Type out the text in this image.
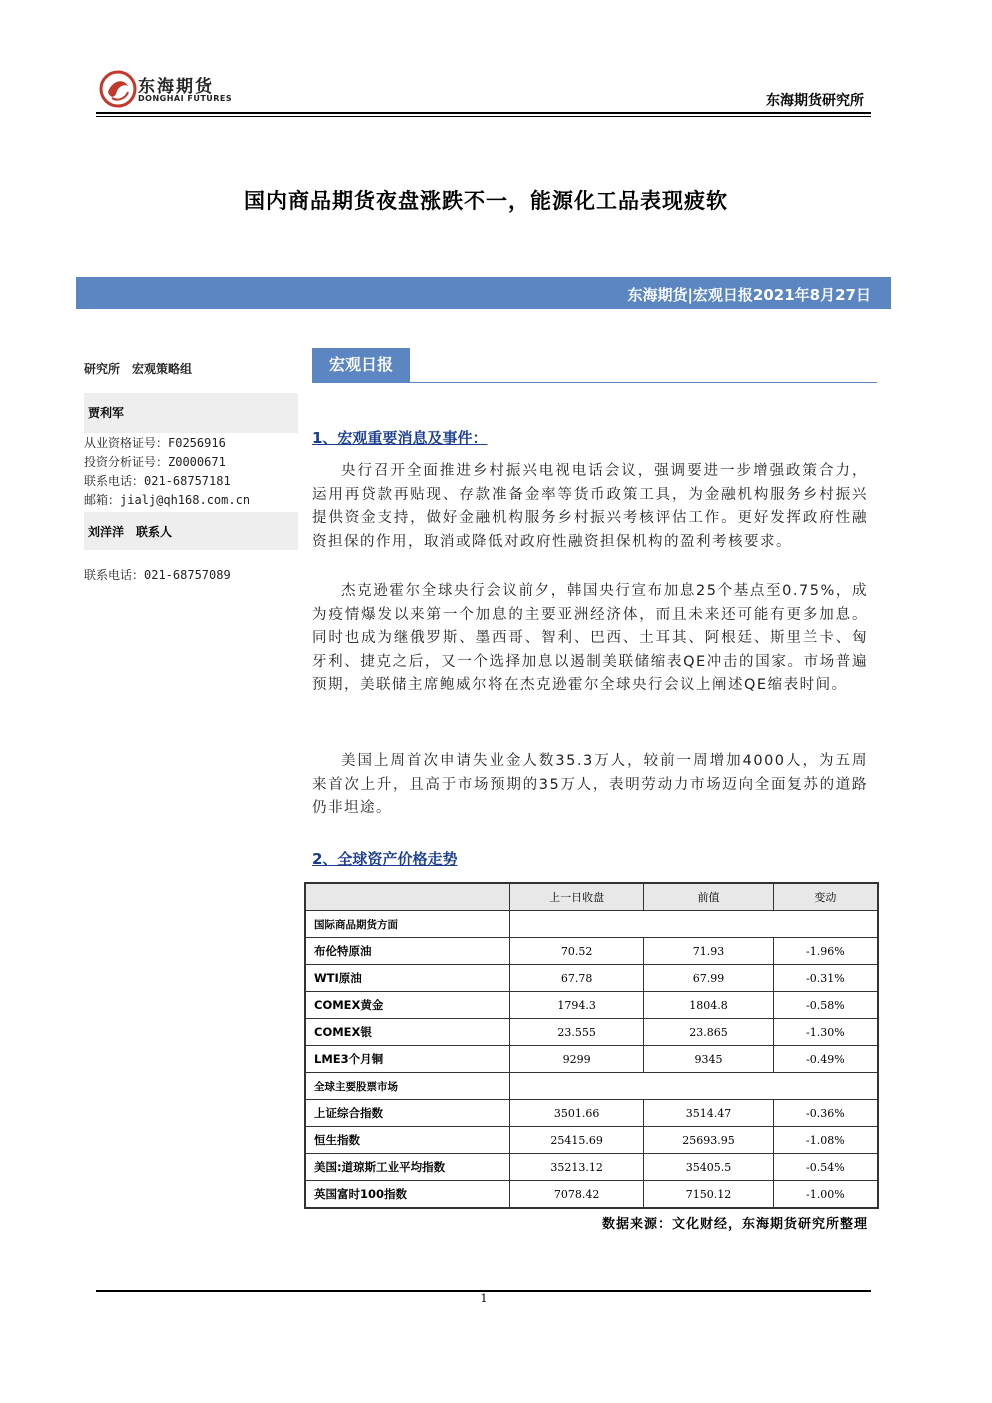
东海期货
DONGHAI FUTURES	东海期货研究所
国内商品期货夜盘涨跌不一，能源化工品表现疲软
东海期货|宏观日报2021年8月27日
研究所　宏观策略组
贾利军
从业资格证号：F0256916
投资分析证号：Z0000671
联系电话：021-68757181
邮箱：jialj@qh168.com.cn
刘洋洋　联系人
联系电话：021-68757089
宏观日报
1、宏观重要消息及事件：
央行召开全面推进乡村振兴电视电话会议，强调要进一步增强政策合力，运用再贷款再贴现、存款准备金率等货币政策工具，为金融机构服务乡村振兴提供资金支持，做好金融机构服务乡村振兴考核评估工作。更好发挥政府性融资担保的作用，取消或降低对政府性融资担保机构的盈利考核要求。
杰克逊霍尔全球央行会议前夕，韩国央行宣布加息25个基点至0.75%，成为疫情爆发以来第一个加息的主要亚洲经济体，而且未来还可能有更多加息。同时也成为继俄罗斯、墨西哥、智利、巴西、土耳其、阿根廷、斯里兰卡、匈牙利、捷克之后，又一个选择加息以遏制美联储缩表QE冲击的国家。市场普遍预期，美联储主席鲍威尔将在杰克逊霍尔全球央行会议上阐述QE缩表时间。
美国上周首次申请失业金人数35.3万人，较前一周增加4000人，为五周来首次上升，且高于市场预期的35万人，表明劳动力市场迈向全面复苏的道路仍非坦途。
2、全球资产价格走势
	上一日收盘	前值	变动
国际商品期货方面			
布伦特原油	70.52	71.93	-1.96%
WTI原油	67.78	67.99	-0.31%
COMEX黄金	1794.3	1804.8	-0.58%
COMEX银	23.555	23.865	-1.30%
LME3个月铜	9299	9345	-0.49%
全球主要股票市场			
上证综合指数	3501.66	3514.47	-0.36%
恒生指数	25415.69	25693.95	-1.08%
美国:道琼斯工业平均指数	35213.12	35405.5	-0.54%
英国富时100指数	7078.42	7150.12	-1.00%
数据来源：文化财经，东海期货研究所整理
1
